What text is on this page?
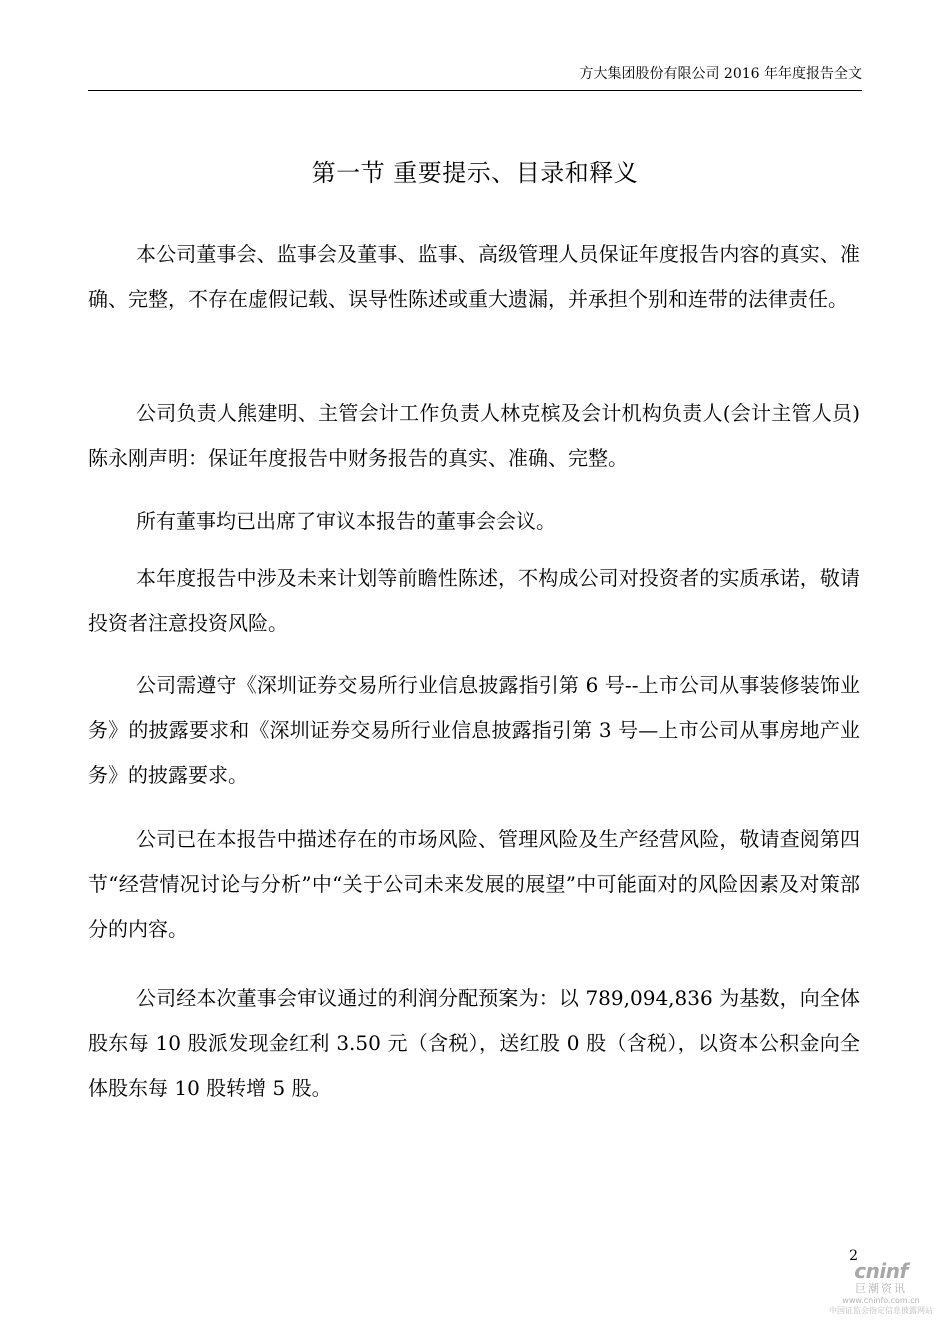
方大集团股份有限公司 2016 年年度报告全文
第一节 重要提示、目录和释义

本公司董事会、监事会及董事、监事、高级管理人员保证年度报告内容的真实、准确、完整，不存在虚假记载、误导性陈述或重大遗漏，并承担个别和连带的法律责任。

公司负责人熊建明、主管会计工作负责人林克槟及会计机构负责人(会计主管人员)陈永刚声明：保证年度报告中财务报告的真实、准确、完整。

所有董事均已出席了审议本报告的董事会会议。

本年度报告中涉及未来计划等前瞻性陈述，不构成公司对投资者的实质承诺，敬请投资者注意投资风险。

公司需遵守《深圳证券交易所行业信息披露指引第 6 号--上市公司从事装修装饰业务》的披露要求和《深圳证券交易所行业信息披露指引第 3 号—上市公司从事房地产业务》的披露要求。

公司已在本报告中描述存在的市场风险、管理风险及生产经营风险，敬请查阅第四节“经营情况讨论与分析”中“关于公司未来发展的展望”中可能面对的风险因素及对策部分的内容。

公司经本次董事会审议通过的利润分配预案为：以 789,094,836 为基数，向全体股东每 10 股派发现金红利 3.50 元（含税），送红股 0 股（含税），以资本公积金向全体股东每 10 股转增 5 股。

2
cninf
巨潮资讯
www.cninfo.com.cn
中国证监会指定信息披露网站
